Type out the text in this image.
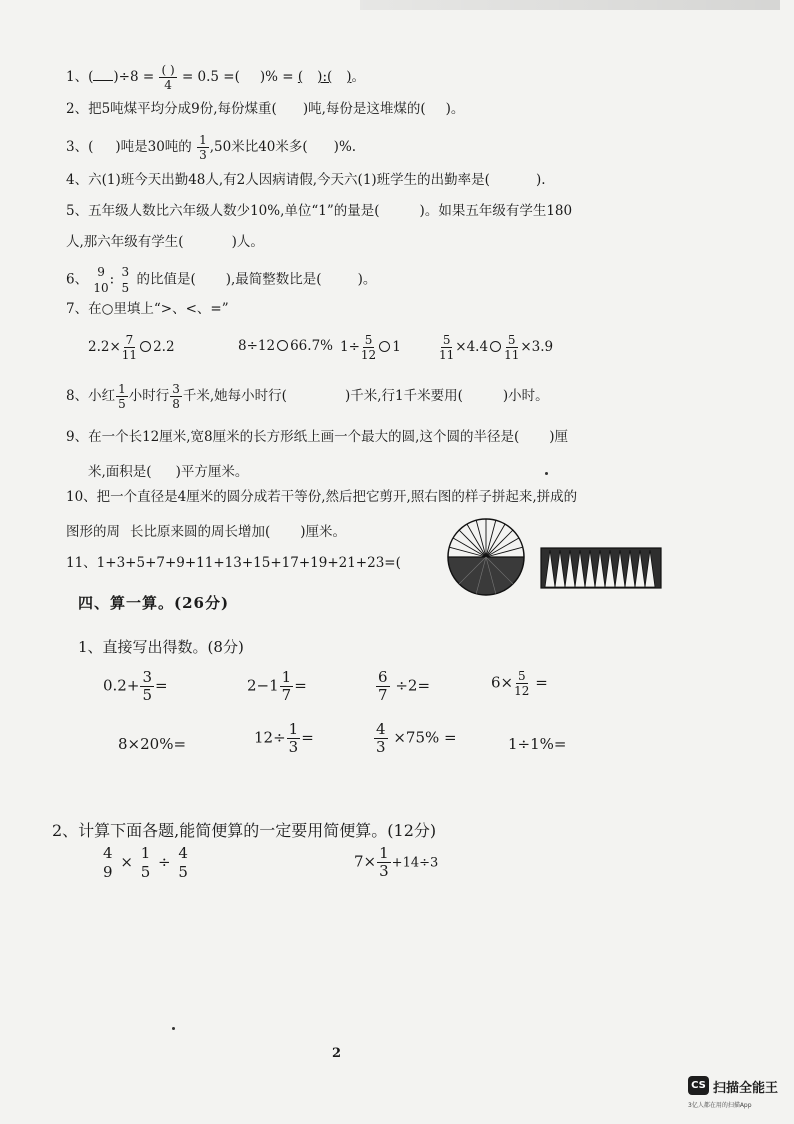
1、( )$\div 8 = \frac{( )}{4} = 0.5$ =( )% = ( ):( )。
2、把5吨煤平均分成9份,每份煤重( )吨,每份是这堆煤的( )。
3、( )吨是30吨的 $\frac{1}{3} ,50$米比40米多( )%.
4、六(1)班今天出勤48人,有2人因病请假,今天六(1)班学生的出勤率是(	).
5、五年级人数比六年级人数少10%,单位“1”的量是(	)。如果五年级有学生180
人,那六年级有学生(	)人。
6、 9
10
: 3
5
的比值是( ),最简整数比是(	)。
7、在○里填上“>、<、=”
$2.2\times \frac{7}{11} 2.2$	8÷12 66.7% $1\div \frac{5}{12} 1$	$\frac{5}{11} \times 4.4 \frac{5}{11} \times 3.9$
8、小红 $\frac{1}{5}$ 小时行 $\frac{3}{8}$ 千米,她每小时行(	)千米,行1千米要用(	)小时。
9、在一个长12厘米,宽8厘米的长方形纸上画一个最大的圆,这个圆的半径是( )厘
米,面积是( )平方厘米。
10、把一个直径是4厘米的圆分成若干等份,然后把它剪开,照右图的样子拼起来,拼成的
图形的周 长比原来圆的周长增加( )厘米。
11、1+3+5+7+9+11+13+15+17+19+21+23=(
四、算一算。(26分)
1、直接写出得数。(8分)
$0.2+ \frac{3}{5}$ =	$2-1 \frac{1}{7}$ =	$\frac{6}{7} \div 2=$	$6\times \frac{5}{12}$ =
8×20%=	$12\div \frac{1}{3}$ =	$\frac{4}{3} \times 75\%$ =	1÷1%=
2、计算下面各题,能简便算的一定要用简便算。(12分)
4
9
× 1
5
÷ 4
5
$7\times \frac{1}{3} +14\div 3$
2
CS 扫描全能王
3亿人都在用的扫描App
